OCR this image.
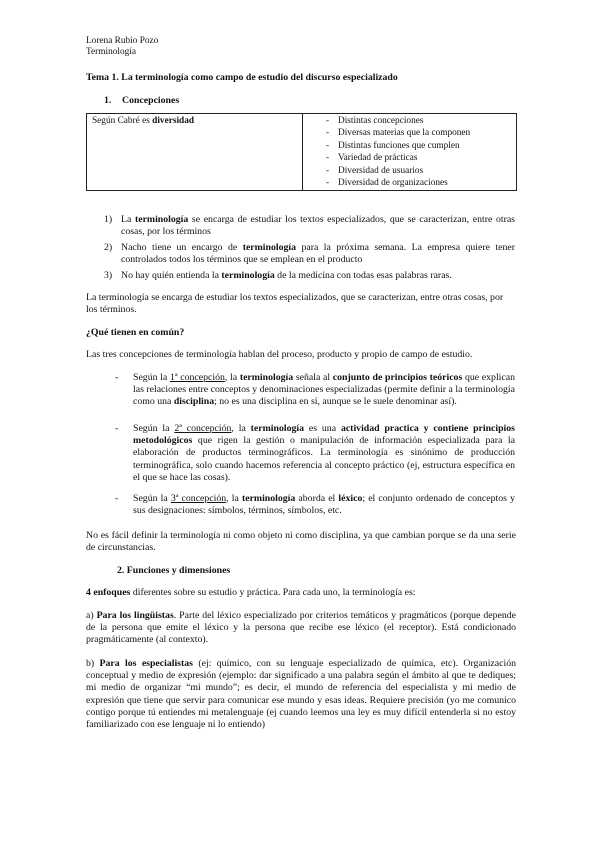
Lorena Rubio Pozo
Terminología
Tema 1. La terminología como campo de estudio del discurso especializado
1. Concepciones
Según Cabré es diversidad	
-Distintas concepciones
- Diversas materias que la componen
- Distintas funciones que cumplen
- Variedad de prácticas
- Diversidad de usuarios
- Diversidad de organizaciones
1) La terminología se encarga de estudiar los textos especializados, que se caracterizan, entre otras cosas, por los términos
2) Nacho tiene un encargo de terminología para la próxima semana. La empresa quiere tener controlados todos los términos que se emplean en el producto
3) No hay quién entienda la terminología de la medicina con todas esas palabras raras.
La terminología se encarga de estudiar los textos especializados, que se caracterizan, entre otras cosas, por los términos.
¿Qué tienen en común?
Las tres concepciones de terminología hablan del proceso, producto y propio de campo de estudio.
- Según la 1ª concepción, la terminología señala al conjunto de principios teóricos que explican las relaciones entre conceptos y denominaciones especializadas (permite definir a la terminología como una disciplina; no es una disciplina en sí, aunque se le suele denominar así).
- Según la 2ª concepción, la terminología es una actividad practica y contiene principios metodológicos que rigen la gestión o manipulación de información especializada para la elaboración de productos terminográficos. La terminología es sinónimo de producción terminográfica, solo cuando hacemos referencia al concepto práctico (ej, estructura específica en el que se hace las cosas).
- Según la 3ª concepción, la terminología aborda el léxico; el conjunto ordenado de conceptos y sus designaciones: símbolos, términos, símbolos, etc.
No es fácil definir la terminología ni como objeto ni como disciplina, ya que cambian porque se da una serie de circunstancias.
2. Funciones y dimensiones
4 enfoques diferentes sobre su estudio y práctica. Para cada uno, la terminología es:
a) Para los lingüistas. Parte del léxico especializado por criterios temáticos y pragmáticos (porque depende de la persona que emite el léxico y la persona que recibe ese léxico (el receptor). Está condicionado pragmáticamente (al contexto).
b) Para los especialistas (ej: químico, con su lenguaje especializado de química, etc). Organización conceptual y medio de expresión (ejemplo: dar significado a una palabra según el ámbito al que te dediques; mi medio de organizar “mi mundo”; es decir, el mundo de referencia del especialista y mi medio de expresión que tiene que servir para comunicar ese mundo y esas ideas. Requiere precisión (yo me comunico contigo porque tú entiendes mi metalenguaje (ej cuando leemos una ley es muy difícil entenderla si no estoy familiarizado con ese lenguaje ni lo entiendo)
